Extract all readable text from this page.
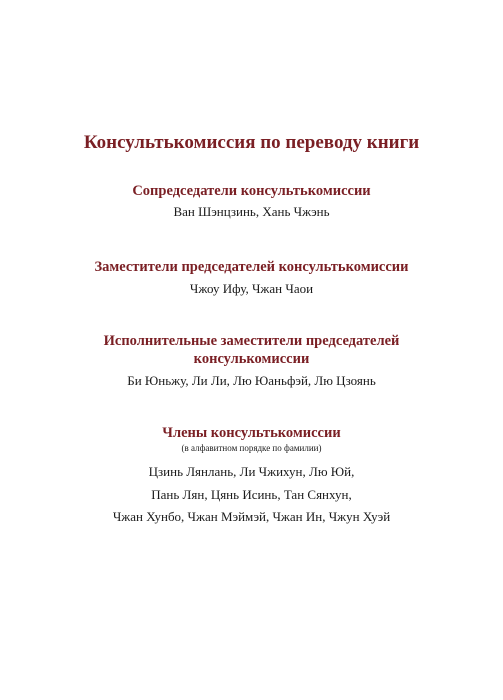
Консультькомиссия по переводу книги
Сопредседатели консультькомиссии

Ван Шэнцзинь, Хань Чжэнь

Заместители председателей консультькомиссии

Чжоу Ифу, Чжан Чаои

Исполнительные заместители председателей
консулькомиссии

Би Юньжу, Ли Ли, Лю Юаньфэй, Лю Цзоянь

Члены консультькомиссии

(в алфавитном порядке по фамилии)

Цзинь Лянлань, Ли Чжихун, Лю Юй,

Пань Лян, Цянь Исинь, Тан Сянхун,

Чжан Хунбо, Чжан Мэймэй, Чжан Ин, Чжун Хуэй
